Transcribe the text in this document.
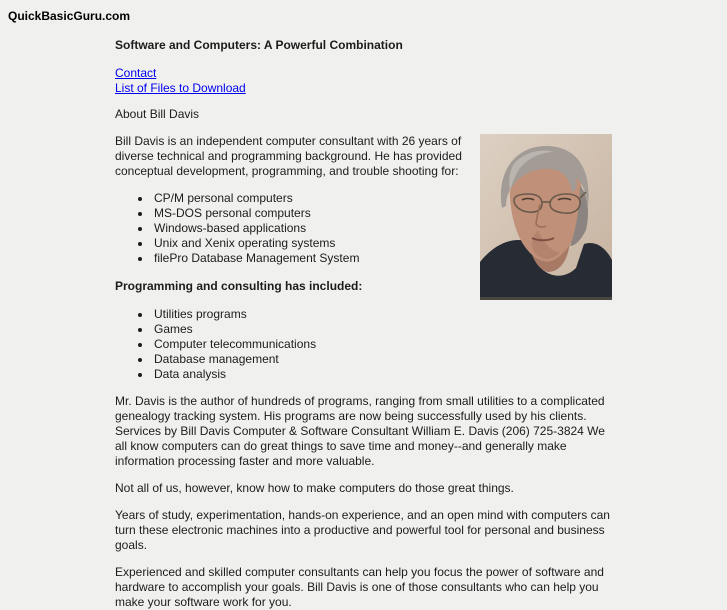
QuickBasicGuru.com
Software and Computers: A Powerful Combination
Contact
List of Files to Download
About Bill Davis

Bill Davis is an independent computer consultant with 26 years of diverse technical and programming background. He has provided conceptual development, programming, and trouble shooting for:

• CP/M personal computers
• MS-DOS personal computers
• Windows-based applications
• Unix and Xenix operating systems
• filePro Database Management System
Programming and consulting has included:
• Utilities programs
• Games
• Computer telecommunications
• Database management
• Data analysis

Mr. Davis is the author of hundreds of programs, ranging from small utilities to a complicated genealogy tracking system. His programs are now being successfully used by his clients. Services by Bill Davis Computer & Software Consultant William E. Davis (206) 725-3824 We all know computers can do great things to save time and money--and generally make information processing faster and more valuable.

Not all of us, however, know how to make computers do those great things.

Years of study, experimentation, hands-on experience, and an open mind with computers can turn these electronic machines into a productive and powerful tool for personal and business goals.

Experienced and skilled computer consultants can help you focus the power of software and hardware to accomplish your goals. Bill Davis is one of those consultants who can help you make your software work for you.
